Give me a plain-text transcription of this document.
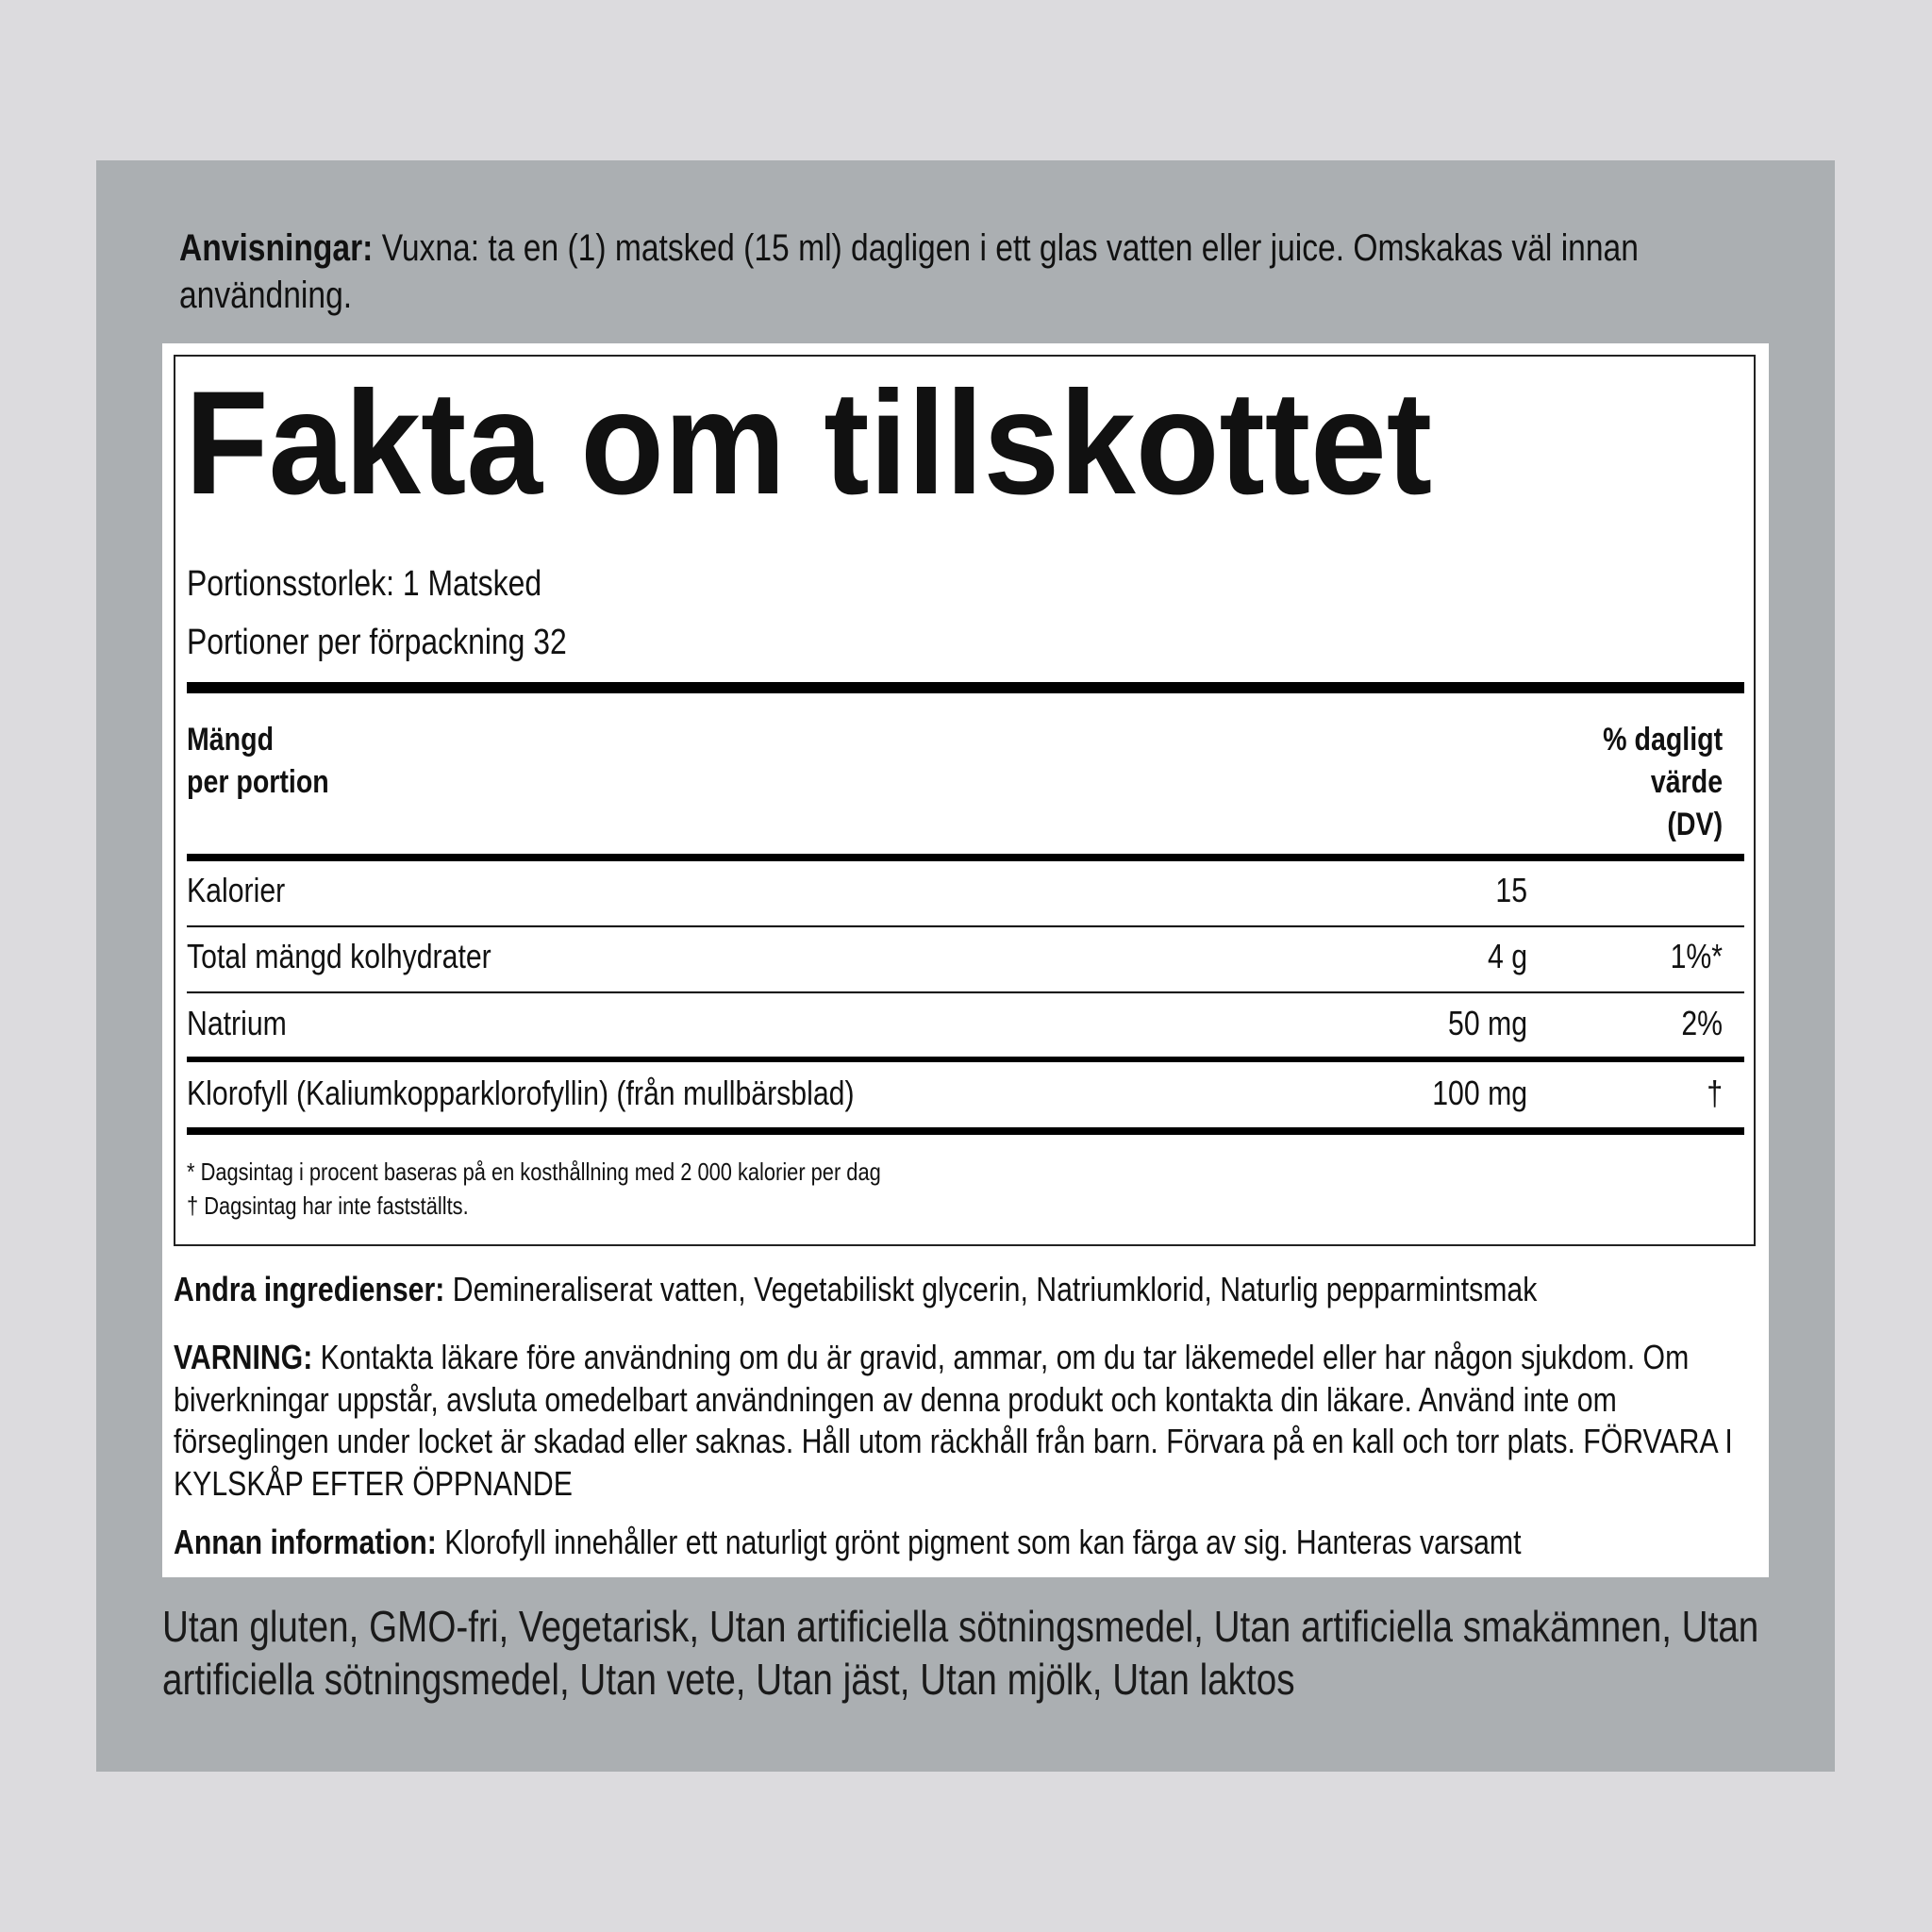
Anvisningar: Vuxna: ta en (1) matsked (15 ml) dagligen i ett glas vatten eller juice. Omskakas väl innan användning.
Fakta om tillskottet
Portionsstorlek: 1 Matsked
Portioner per förpackning 32
Mängd
per portion
% dagligt
värde
(DV)
Kalorier	15
Total mängd kolhydrater	4 g	1%*
Natrium	50 mg	2%
Klorofyll (Kaliumkopparklorofyllin) (från mullbärsblad)	100 mg	†
* Dagsintag i procent baseras på en kosthållning med 2 000 kalorier per dag
† Dagsintag har inte fastställts.
Andra ingredienser: Demineraliserat vatten, Vegetabiliskt glycerin, Natriumklorid, Naturlig pepparmintsmak
VARNING: Kontakta läkare före användning om du är gravid, ammar, om du tar läkemedel eller har någon sjukdom. Om biverkningar uppstår, avsluta omedelbart användningen av denna produkt och kontakta din läkare. Använd inte om förseglingen under locket är skadad eller saknas. Håll utom räckhåll från barn. Förvara på en kall och torr plats. FÖRVARA I KYLSKÅP EFTER ÖPPNANDE
Annan information: Klorofyll innehåller ett naturligt grönt pigment som kan färga av sig. Hanteras varsamt
Utan gluten, GMO-fri, Vegetarisk, Utan artificiella sötningsmedel, Utan artificiella smakämnen, Utan artificiella sötningsmedel, Utan vete, Utan jäst, Utan mjölk, Utan laktos
